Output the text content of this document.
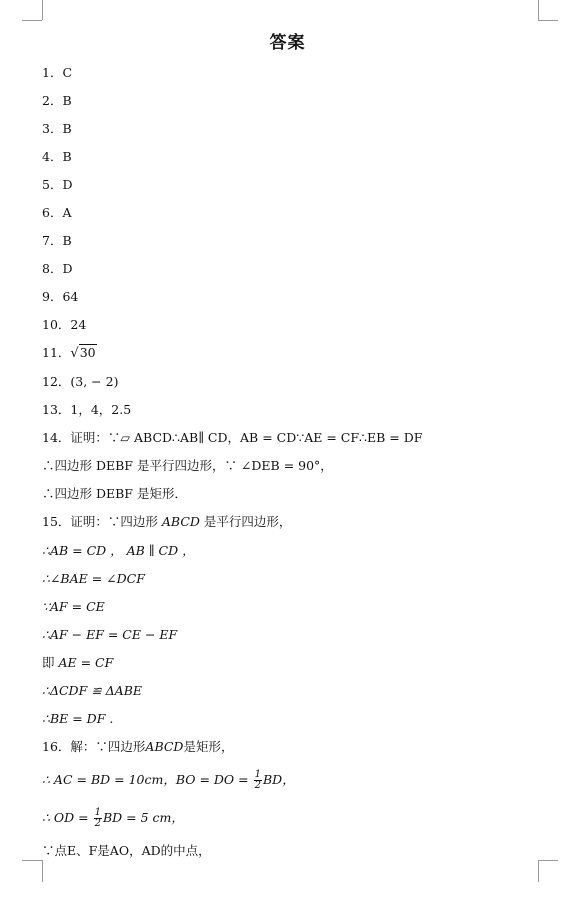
答案
1．C
2．B
3．B
4．B
5．D
6．A
7．B
8．D
9．64
10．24
11．√30
12．(3, − 2)
13．1，4，2.5
14．证明：∵▱ ABCD∴AB∥ CD，AB = CD∵AE = CF∴EB = DF
∴四边形 DEBF 是平行四边形，∵ ∠DEB = 90°，
∴四边形 DEBF 是矩形．
15．证明：∵四边形 ABCD 是平行四边形，
∴AB = CD ， AB ∥ CD ，
∴∠BAE = ∠DCF
∵AF = CE
∴AF − EF = CE − EF
即 AE = CF
∴ΔCDF ≌ ΔABE
∴BE = DF .
16．解：∵四边形ABCD是矩形，
∴ AC = BD = 10cm，BO = DO = $\frac{1}{2}$ BD，
∴ OD = $\frac{1}{2}$ BD = 5 cm，
∵点E、F是AO，AD的中点，
